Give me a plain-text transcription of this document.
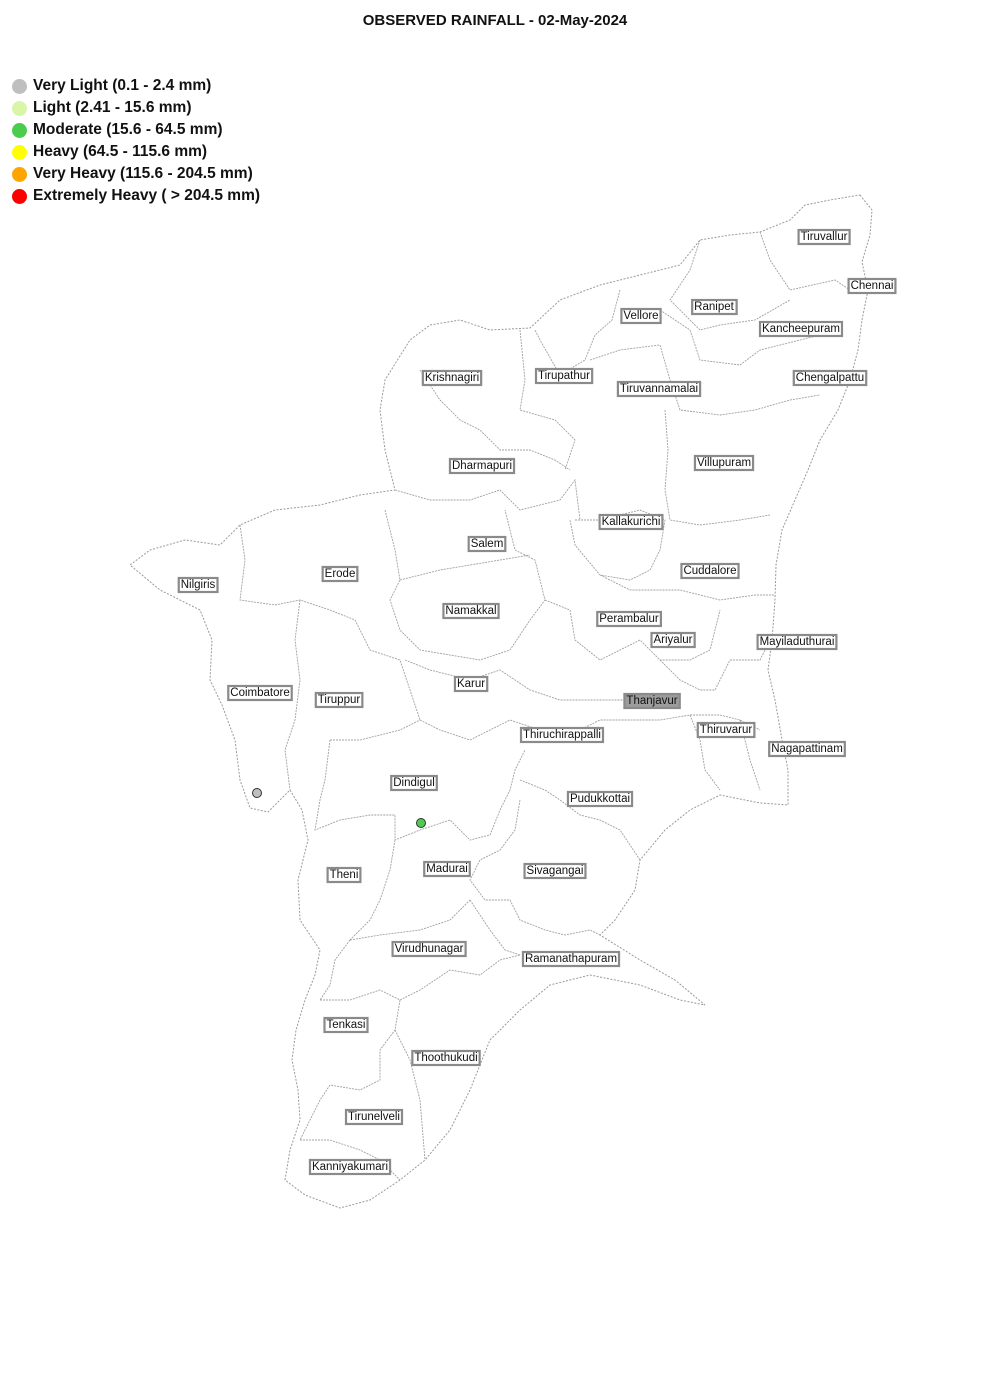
OBSERVED RAINFALL - 02-May-2024
Very Light (0.1 - 2.4 mm)
Light (2.41 - 15.6 mm)
Moderate (15.6 - 64.5 mm)
Heavy (64.5 - 115.6 mm)
Very Heavy (115.6 - 204.5 mm)
Extremely Heavy ( > 204.5 mm)
Tiruvallur
Chennai
Ranipet
Vellore
Kancheepuram
Krishnagiri	Tirupathur
Tiruvannamalai
Chengalpattu
Dharmapuri	Villupuram
Kallakurichi
Salem
Nilgiris
Erode	Cuddalore
Namakkal
Perambalur
Ariyalur	Mayiladuthurai
Karur
Coimbatore
Tiruppur	Thanjavur
Thiruvarur
Thiruchirappalli
Nagapattinam
Dindigul
Pudukkottai
Theni	Madurai	Sivagangai
Virudhunagar
Ramanathapuram
Tenkasi
Thoothukudi
Tirunelveli
Kanniyakumari
